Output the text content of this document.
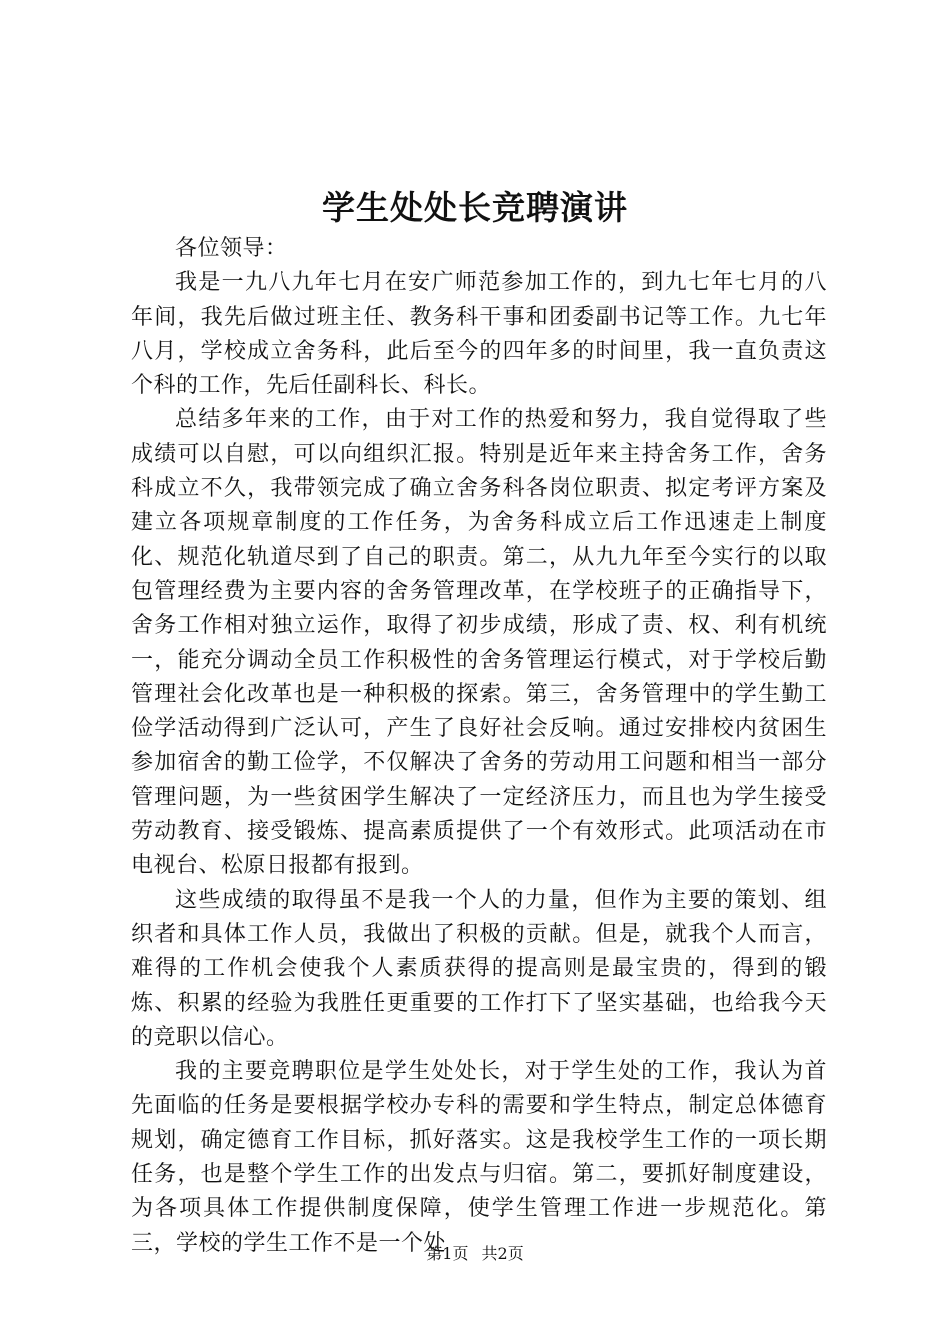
学生处处长竞聘演讲

各位领导：

我是一九八九年七月在安广师范参加工作的，到九七年七月的八年间，我先后做过班主任、教务科干事和团委副书记等工作。九七年八月，学校成立舍务科，此后至今的四年多的时间里，我一直负责这个科的工作，先后任副科长、科长。

总结多年来的工作，由于对工作的热爱和努力，我自觉得取了些成绩可以自慰，可以向组织汇报。特别是近年来主持舍务工作，舍务科成立不久，我带领完成了确立舍务科各岗位职责、拟定考评方案及建立各项规章制度的工作任务，为舍务科成立后工作迅速走上制度化、规范化轨道尽到了自己的职责。第二，从九九年至今实行的以取包管理经费为主要内容的舍务管理改革，在学校班子的正确指导下，舍务工作相对独立运作，取得了初步成绩，形成了责、权、利有机统一，能充分调动全员工作积极性的舍务管理运行模式，对于学校后勤管理社会化改革也是一种积极的探索。第三，舍务管理中的学生勤工俭学活动得到广泛认可，产生了良好社会反响。通过安排校内贫困生参加宿舍的勤工俭学，不仅解决了舍务的劳动用工问题和相当一部分管理问题，为一些贫困学生解决了一定经济压力，而且也为学生接受劳动教育、接受锻炼、提高素质提供了一个有效形式。此项活动在市电视台、松原日报都有报到。

这些成绩的取得虽不是我一个人的力量，但作为主要的策划、组织者和具体工作人员，我做出了积极的贡献。但是，就我个人而言，难得的工作机会使我个人素质获得的提高则是最宝贵的，得到的锻炼、积累的经验为我胜任更重要的工作打下了坚实基础，也给我今天的竞职以信心。

我的主要竞聘职位是学生处处长，对于学生处的工作，我认为首先面临的任务是要根据学校办专科的需要和学生特点，制定总体德育规划，确定德育工作目标，抓好落实。这是我校学生工作的一项长期任务，也是整个学生工作的出发点与归宿。第二，要抓好制度建设，为各项具体工作提供制度保障，使学生管理工作进一步规范化。第三，学校的学生工作不是一个处

第1页 共2页
